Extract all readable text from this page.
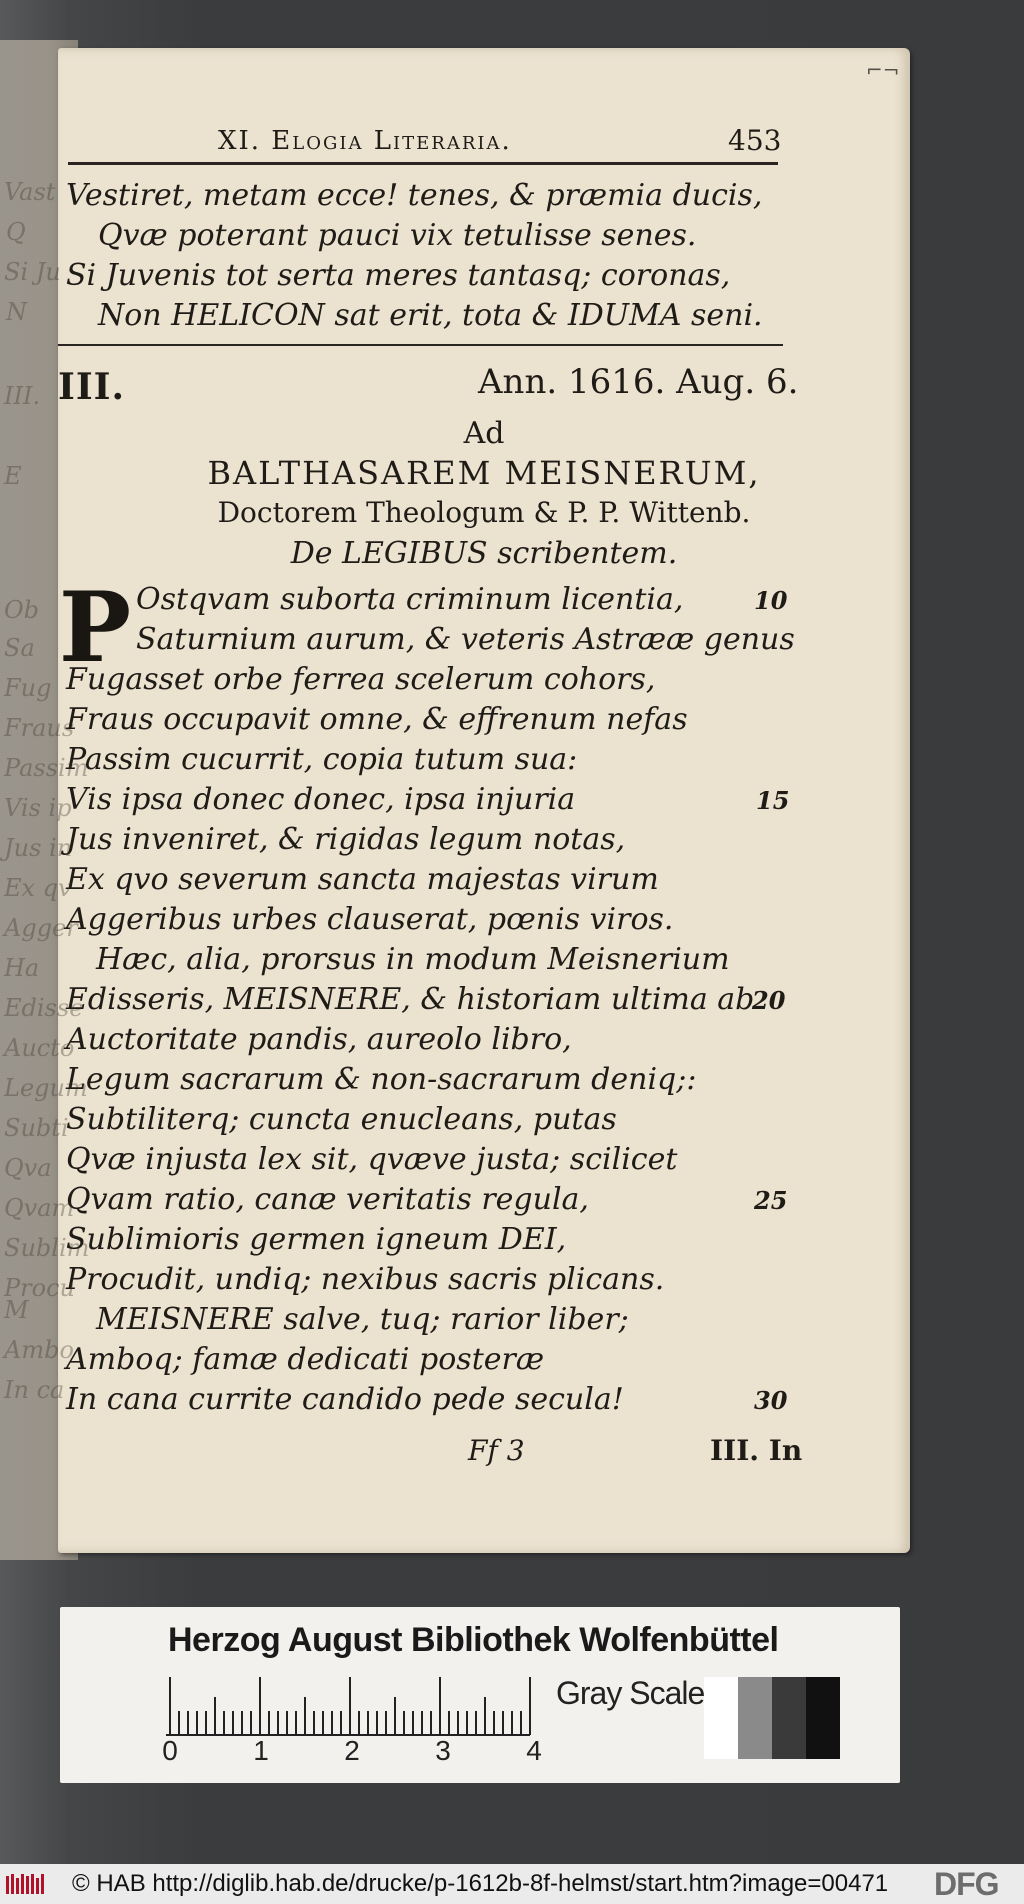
⌐¬
XI. Elogia Literaria.	453
Vestiret, metam ecce! tenes, & præmia ducis,
Qvæ poterant pauci vix tetulisse senes.
Si Juvenis tot serta meres tantasq; coronas,
Non HELICON sat erit, tota & IDUMA seni.
III.	Ann. 1616. Aug. 6.
Ad
BALTHASAREM MEISNERUM,
Doctorem Theologum & P. P. Wittenb.
De LEGIBUS scribentem.
P Ostqvam suborta criminum licentia,
Saturnium aurum, & veteris Astrææ genus
Fugasset orbe ferrea scelerum cohors,
Fraus occupavit omne, & effrenum nefas
Passim cucurrit, copia tutum sua:
Vis ipsa donec donec, ipsa injuria
Jus inveniret, & rigidas legum notas,
Ex qvo severum sancta majestas virum
Aggeribus urbes clauserat, pœnis viros.
Hæc, alia, prorsus in modum Meisnerium
Edisseris, MEISNERE, & historiam ultima ab
Auctoritate pandis, aureolo libro,
Legum sacrarum & non-sacrarum deniq;:
Subtiliterq; cuncta enucleans, putas
Qvæ injusta lex sit, qvæve justa; scilicet
Qvam ratio, canæ veritatis regula,
Sublimioris germen igneum DEI,
Procudit, undiq; nexibus sacris plicans.
MEISNERE salve, tuq; rarior liber;
Amboq; famæ dedicati posteræ
In cana currite candido pede secula!
10
15
20
25
30
Ff 3	III. In
Vast
Q
Si Ju
N
III.
E
Ob
Sa
Fug
Fraus
Passim
Vis ip
Jus in
Ex qv
Agger
Ha
Edisse
Aucto
Legum
Subti
Qva
Qvam
Sublim
Procu
M
Ambo
In ca
Herzog August Bibliothek Wolfenbüttel
0	1	2	3	4
Gray Scale
© HAB http://diglib.hab.de/drucke/p-1612b-8f-helmst/start.htm?image=00471 DFG
